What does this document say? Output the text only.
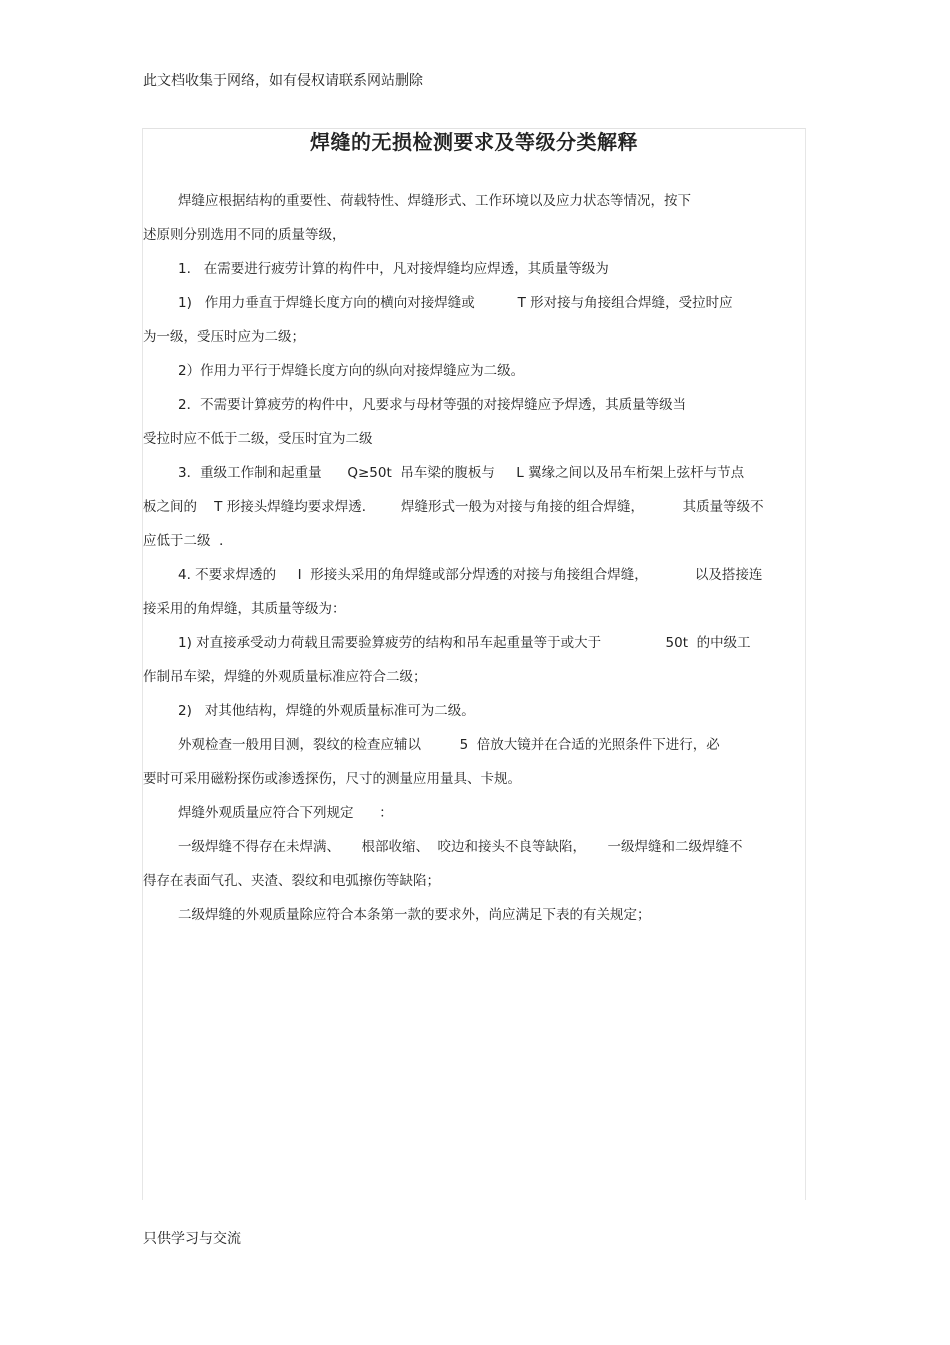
此文档收集于网络，如有侵权请联系网站删除
焊缝的无损检测要求及等级分类解释

焊缝应根据结构的重要性、荷载特性、焊缝形式、工作环境以及应力状态等情况，按下

述原则分别选用不同的质量等级，

1.   在需要进行疲劳计算的构件中，凡对接焊缝均应焊透，其质量等级为

1)   作用力垂直于焊缝长度方向的横向对接焊缝或          T 形对接与角接组合焊缝，受拉时应

为一级，受压时应为二级；

2）作用力平行于焊缝长度方向的纵向对接焊缝应为二级。

2．不需要计算疲劳的构件中，凡要求与母材等强的对接焊缝应予焊透，其质量等级当

受拉时应不低于二级，受压时宜为二级

3．重级工作制和起重量      Q≥50t  吊车梁的腹板与     L 翼缘之间以及吊车桁架上弦杆与节点

板之间的    T 形接头焊缝均要求焊透．      焊缝形式一般为对接与角接的组合焊缝，         其质量等级不

应低于二级  ．

4. 不要求焊透的     I  形接头采用的角焊缝或部分焊透的对接与角接组合焊缝，           以及搭接连

接采用的角焊缝，其质量等级为：

1) 对直接承受动力荷载且需要验算疲劳的结构和吊车起重量等于或大于               50t  的中级工

作制吊车梁，焊缝的外观质量标准应符合二级；

2)   对其他结构，焊缝的外观质量标准可为二级。

外观检查一般用目测，裂纹的检查应辅以         5  倍放大镜并在合适的光照条件下进行，必

要时可采用磁粉探伤或渗透探伤，尺寸的测量应用量具、卡规。

焊缝外观质量应符合下列规定      ：

一级焊缝不得存在未焊满、     根部收缩、  咬边和接头不良等缺陷，     一级焊缝和二级焊缝不

得存在表面气孔、夹渣、裂纹和电弧擦伤等缺陷；

二级焊缝的外观质量除应符合本条第一款的要求外，尚应满足下表的有关规定；

只供学习与交流
